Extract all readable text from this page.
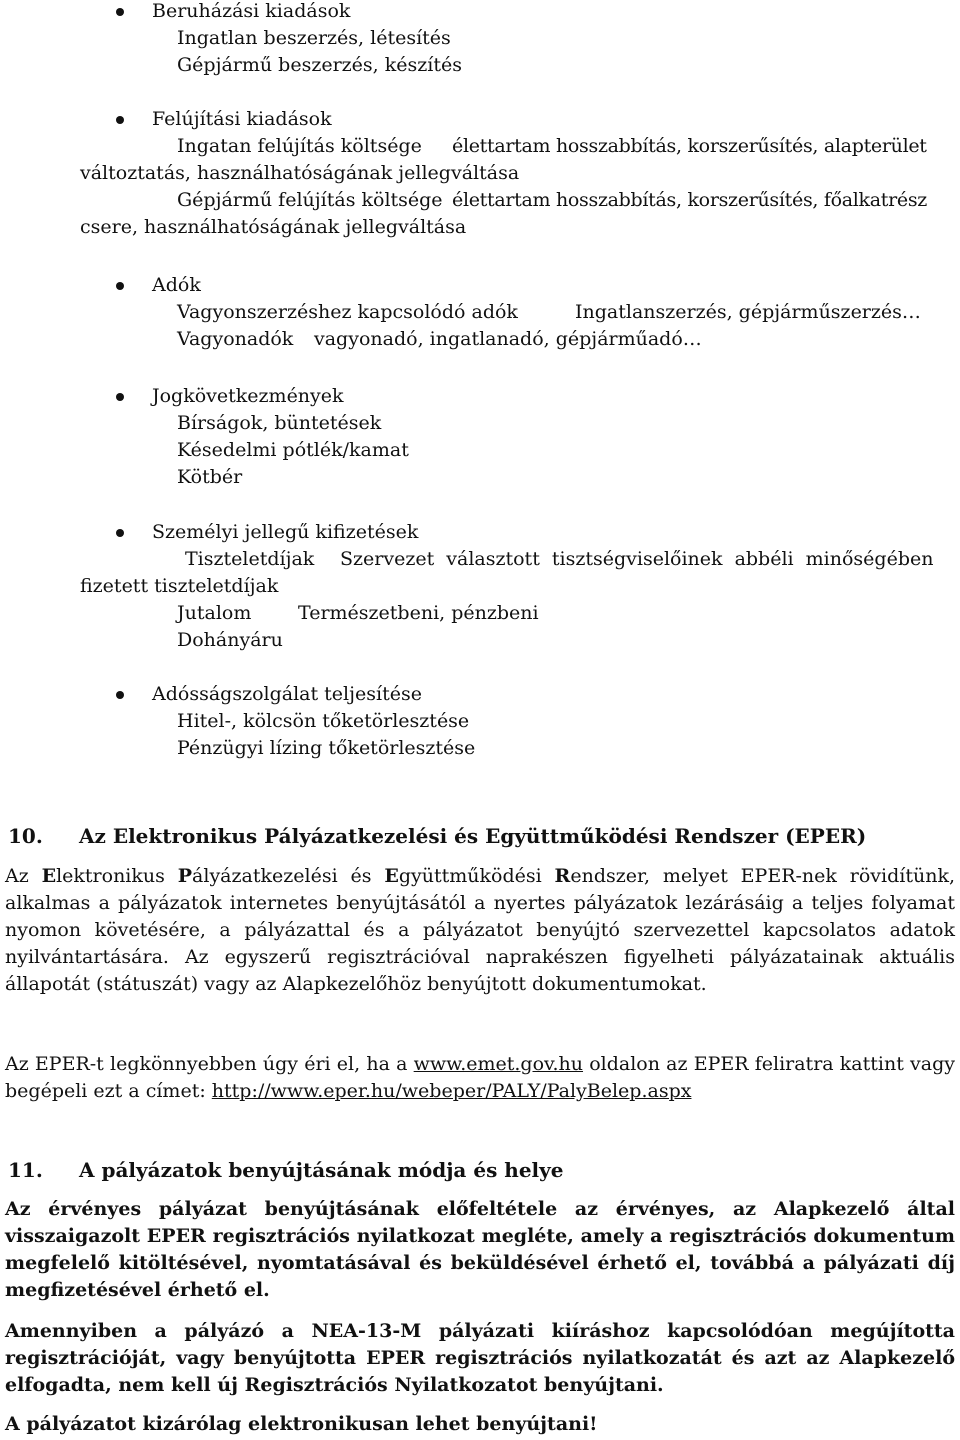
Beruházási kiadások
Ingatlan beszerzés, létesítés
Gépjármű beszerzés, készítés
Felújítási kiadások
Ingatan felújítás költsége élettartam hosszabbítás, korszerűsítés, alapterület
változtatás, használhatóságának jellegváltása
Gépjármű felújítás költsége élettartam hosszabbítás, korszerűsítés, főalkatrész
csere, használhatóságának jellegváltása
Adók
Vagyonszerzéshez kapcsolódó adók	Ingatlanszerzés, gépjárműszerzés…
Vagyonadók vagyonadó, ingatlanadó, gépjárműadó…
Jogkövetkezmények
Bírságok, büntetések
Késedelmi pótlék/kamat
Kötbér
Személyi jellegű kifizetések
Tiszteletdíjak Szervezet választott tisztségviselőinek abbéli minőségében
fizetett tiszteletdíjak
Jutalom Természetbeni, pénzbeni
Dohányáru
Adósságszolgálat teljesítése
Hitel-, kölcsön tőketörlesztése
Pénzügyi lízing tőketörlesztése
10. Az Elektronikus Pályázatkezelési és Együttműködési Rendszer (EPER)
Az Elektronikus Pályázatkezelési és Együttműködési Rendszer, melyet EPER-nek rövidítünk, alkalmas a pályázatok internetes benyújtásától a nyertes pályázatok lezárásáig a teljes folyamat nyomon követésére, a pályázattal és a pályázatot benyújtó szervezettel kapcsolatos adatok nyilvántartására. Az egyszerű regisztrációval naprakészen figyelheti pályázatainak aktuális állapotát (státuszát) vagy az Alapkezelőhöz benyújtott dokumentumokat.
Az EPER-t legkönnyebben úgy éri el, ha a www.emet.gov.hu oldalon az EPER feliratra kattint vagy begépeli ezt a címet: http://www.eper.hu/webeper/PALY/PalyBelep.aspx
11. A pályázatok benyújtásának módja és helye
Az érvényes pályázat benyújtásának előfeltétele az érvényes, az Alapkezelő által visszaigazolt EPER regisztrációs nyilatkozat megléte, amely a regisztrációs dokumentum megfelelő kitöltésével, nyomtatásával és beküldésével érhető el, továbbá a pályázati díj megfizetésével érhető el.
Amennyiben a pályázó a NEA-13-M pályázati kiíráshoz kapcsolódóan megújította regisztrációját, vagy benyújtotta EPER regisztrációs nyilatkozatát és azt az Alapkezelő elfogadta, nem kell új Regisztrációs Nyilatkozatot benyújtani.
A pályázatot kizárólag elektronikusan lehet benyújtani!
